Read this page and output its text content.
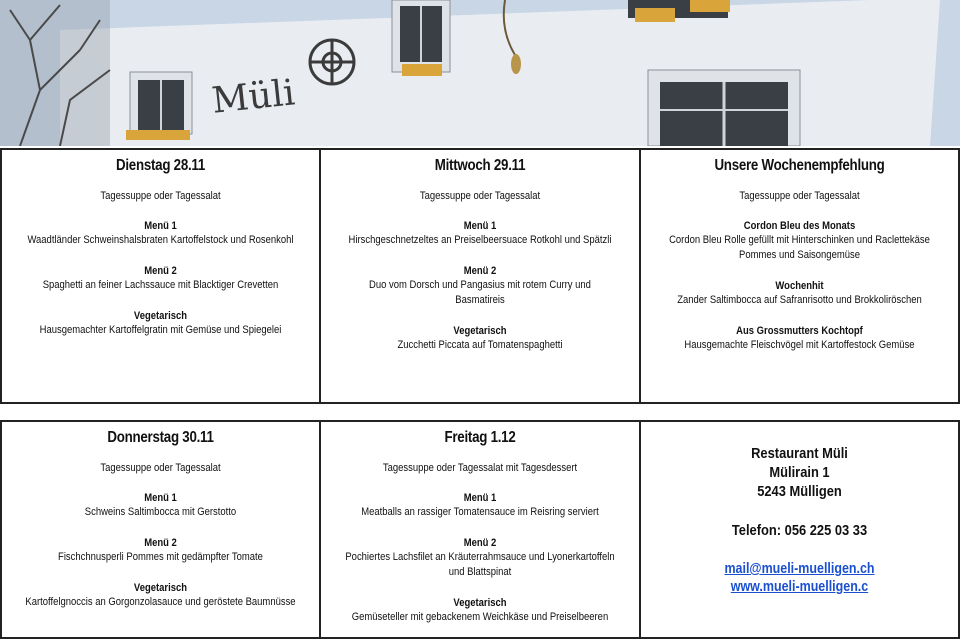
Müli
Dienstag 28.11
Tagessuppe oder Tagessalat
Menü 1
Waadtländer Schweinshalsbraten Kartoffelstock und Rosenkohl
Menü 2
Spaghetti an feiner Lachssauce mit Blacktiger Crevetten
Vegetarisch
Hausgemachter Kartoffelgratin mit Gemüse und Spiegelei
Mittwoch 29.11
Tagessuppe oder Tagessalat
Menü 1
Hirschgeschnetzeltes an Preiselbeersuace Rotkohl und Spätzli
Menü 2
Duo vom Dorsch und Pangasius mit rotem Curry und Basmatireis
Vegetarisch
Zucchetti Piccata auf Tomatenspaghetti
Unsere Wochenempfehlung
Tagessuppe oder Tagessalat
Cordon Bleu des Monats
Cordon Bleu Rolle gefüllt mit Hinterschinken und Raclettekäse
Pommes und Saisongemüse
Wochenhit
Zander Saltimbocca auf Safranrisotto und Brokkoliröschen
Aus Grossmutters Kochtopf
Hausgemachte Fleischvögel mit Kartoffestock Gemüse
Donnerstag 30.11
Tagessuppe oder Tagessalat
Menü 1
Schweins Saltimbocca mit Gerstotto
Menü 2
Fischchnusperli Pommes mit gedämpfter Tomate
Vegetarisch
Kartoffelgnoccis an Gorgonzolasauce und geröstete Baumnüsse
Freitag 1.12
Tagessuppe oder Tagessalat mit Tagesdessert
Menü 1
Meatballs an rassiger Tomatensauce im Reisring serviert
Menü 2
Pochiertes Lachsfilet an Kräuterrahmsauce und Lyonerkartoffeln
und Blattspinat
Vegetarisch
Gemüseteller mit gebackenem Weichkäse und Preiselbeeren
Restaurant Müli
Mülirain 1
5243 Mülligen
Telefon: 056 225 03 33
mail@mueli-muelligen.ch
www.mueli-muelligen.c
